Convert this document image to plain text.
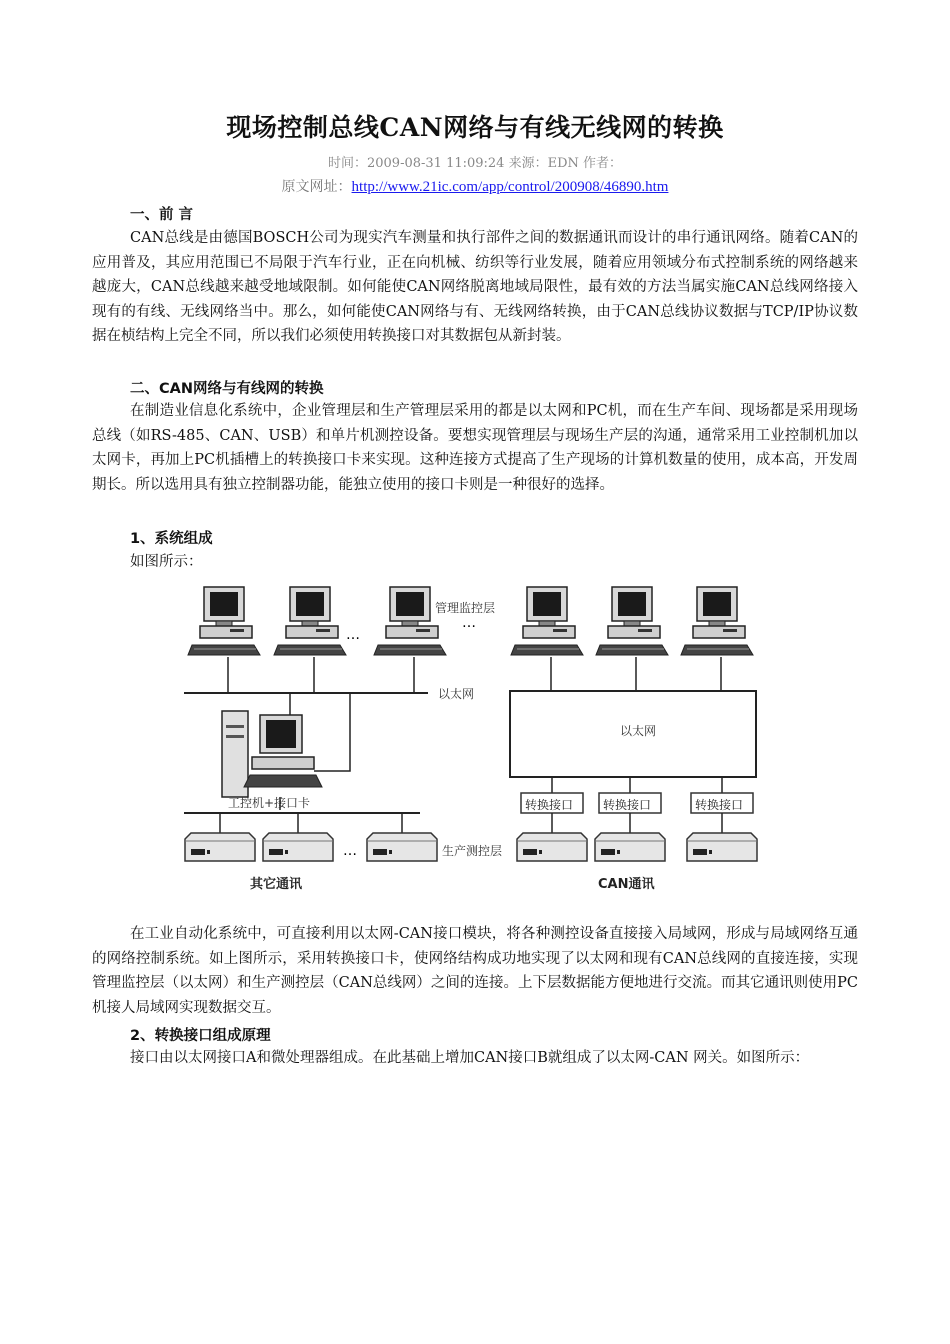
现场控制总线CAN网络与有线无线网的转换
时间：2009-08-31 11:09:24 来源：EDN 作者：
原文网址：http://www.21ic.com/app/control/200908/46890.htm
一、前 言
CAN总线是由德国BOSCH公司为现实汽车测量和执行部件之间的数据通讯而设计的串行通讯网络。随着CAN的应用普及，其应用范围已不局限于汽车行业，正在向机械、纺织等行业发展，随着应用领域分布式控制系统的网络越来越庞大，CAN总线越来越受地域限制。如何能使CAN网络脱离地域局限性，最有效的方法当属实施CAN总线网络接入现有的有线、无线网络当中。那么，如何能使CAN网络与有、无线网络转换，由于CAN总线协议数据与TCP/IP协议数据在桢结构上完全不同，所以我们必须使用转换接口对其数据包从新封装。
二、CAN网络与有线网的转换
在制造业信息化系统中，企业管理层和生产管理层采用的都是以太网和PC机，而在生产车间、现场都是采用现场总线（如RS-485、CAN、USB）和单片机测控设备。要想实现管理层与现场生产层的沟通，通常采用工业控制机加以太网卡，再加上PC机插槽上的转换接口卡来实现。这种连接方式提高了生产现场的计算机数量的使用，成本高，开发周期长。所以选用具有独立控制器功能，能独立使用的接口卡则是一种很好的选择。
1、系统组成
如图所示：
…
管理监控层
…
以太网
以太网
工控机+接口卡
…	生产测控层
其它通讯
转换接口 转换接口	转换接口
CAN通讯
在工业自动化系统中，可直接利用以太网-CAN接口模块，将各种测控设备直接接入局域网，形成与局域网络互通的网络控制系统。如上图所示，采用转换接口卡，使网络结构成功地实现了以太网和现有CAN总线网的直接连接，实现管理监控层（以太网）和生产测控层（CAN总线网）之间的连接。上下层数据能方便地进行交流。而其它通讯则使用PC机接人局域网实现数据交互。
2、转换接口组成原理
接口由以太网接口A和微处理器组成。在此基础上增加CAN接口B就组成了以太网-CAN 网关。如图所示：
